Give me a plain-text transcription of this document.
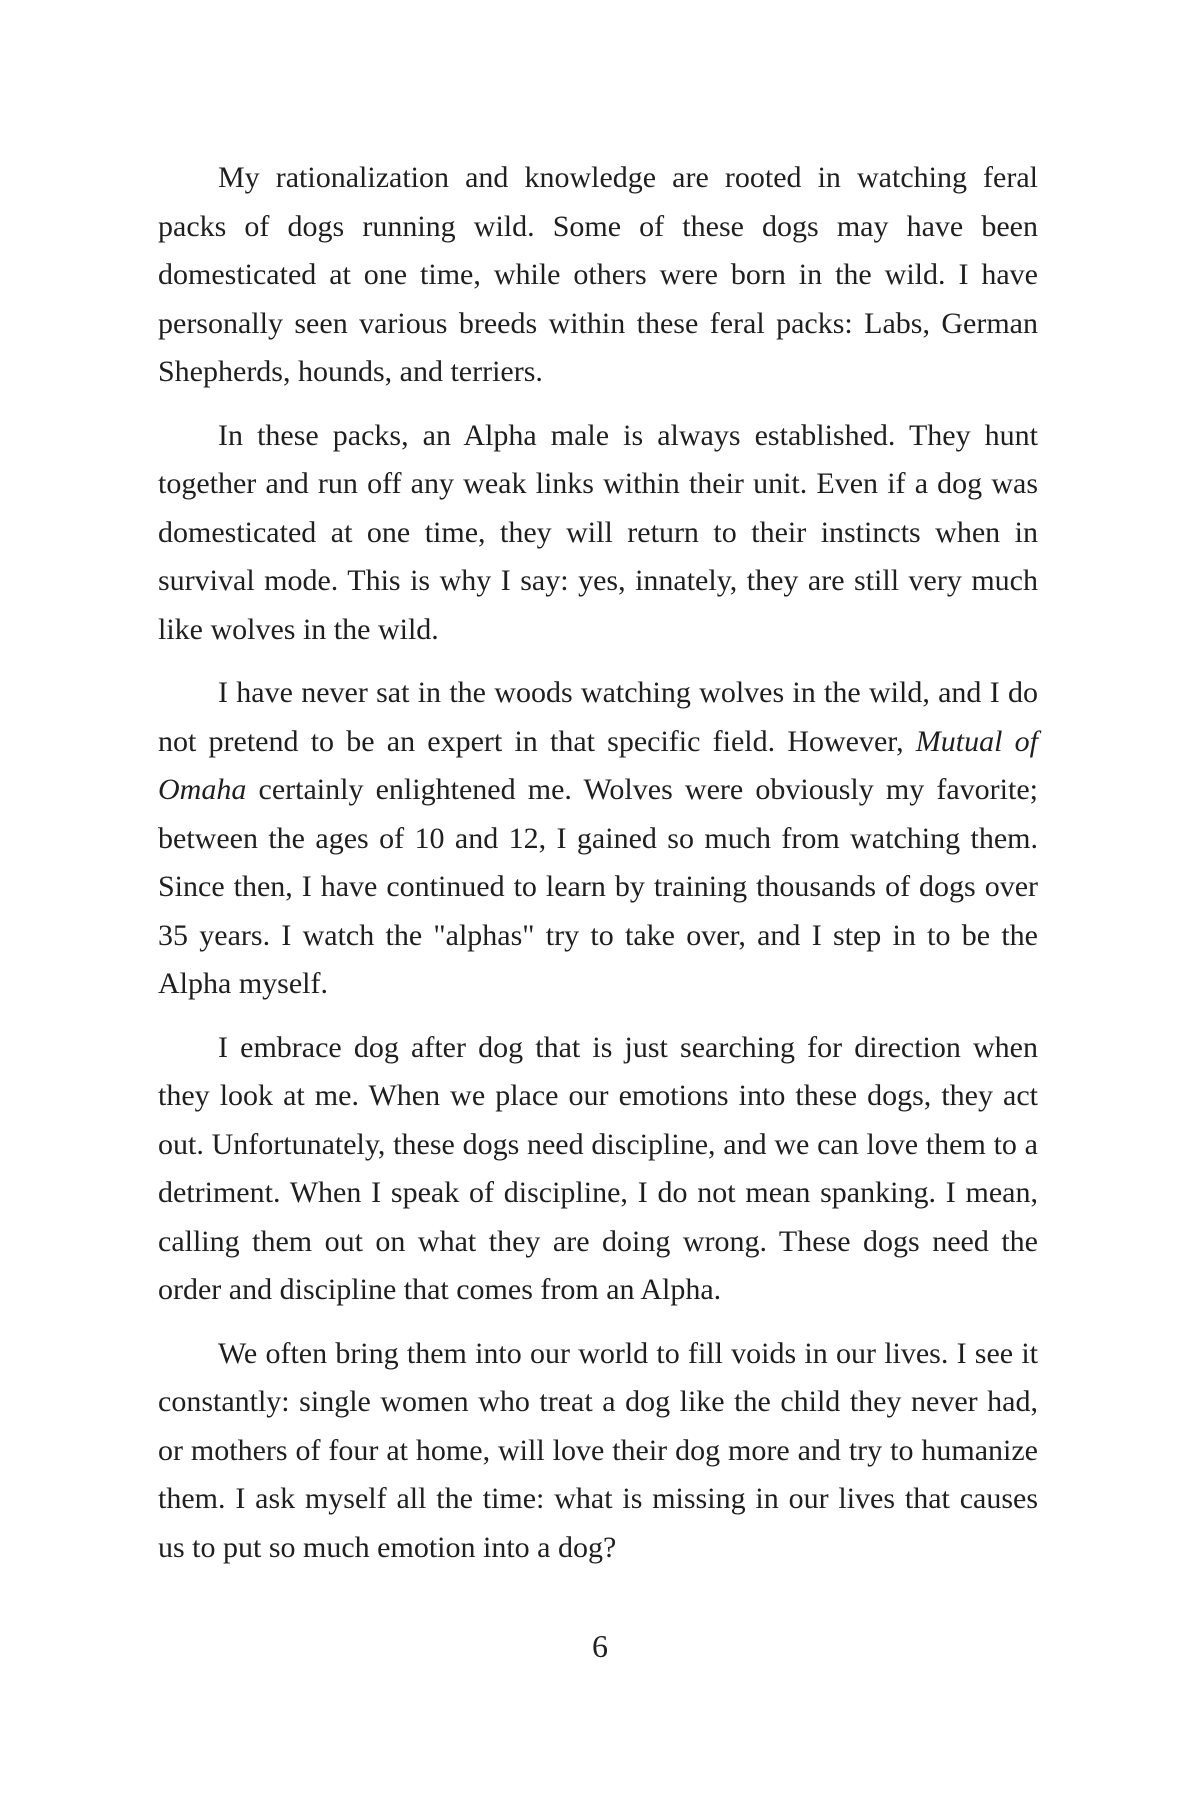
My rationalization and knowledge are rooted in watching feral packs of dogs running wild. Some of these dogs may have been domesticated at one time, while others were born in the wild. I have personally seen various breeds within these feral packs: Labs, German Shepherds, hounds, and terriers.

In these packs, an Alpha male is always established. They hunt together and run off any weak links within their unit. Even if a dog was domesticated at one time, they will return to their instincts when in survival mode. This is why I say: yes, innately, they are still very much like wolves in the wild.

I have never sat in the woods watching wolves in the wild, and I do not pretend to be an expert in that specific field. However, Mutual of Omaha certainly enlightened me. Wolves were obviously my favorite; between the ages of 10 and 12, I gained so much from watching them. Since then, I have continued to learn by training thousands of dogs over 35 years. I watch the "alphas" try to take over, and I step in to be the Alpha myself.

I embrace dog after dog that is just searching for direction when they look at me. When we place our emotions into these dogs, they act out. Unfortunately, these dogs need discipline, and we can love them to a detriment. When I speak of discipline, I do not mean spanking. I mean, calling them out on what they are doing wrong. These dogs need the order and discipline that comes from an Alpha.

We often bring them into our world to fill voids in our lives. I see it constantly: single women who treat a dog like the child they never had, or mothers of four at home, will love their dog more and try to humanize them. I ask myself all the time: what is missing in our lives that causes us to put so much emotion into a dog?

6
